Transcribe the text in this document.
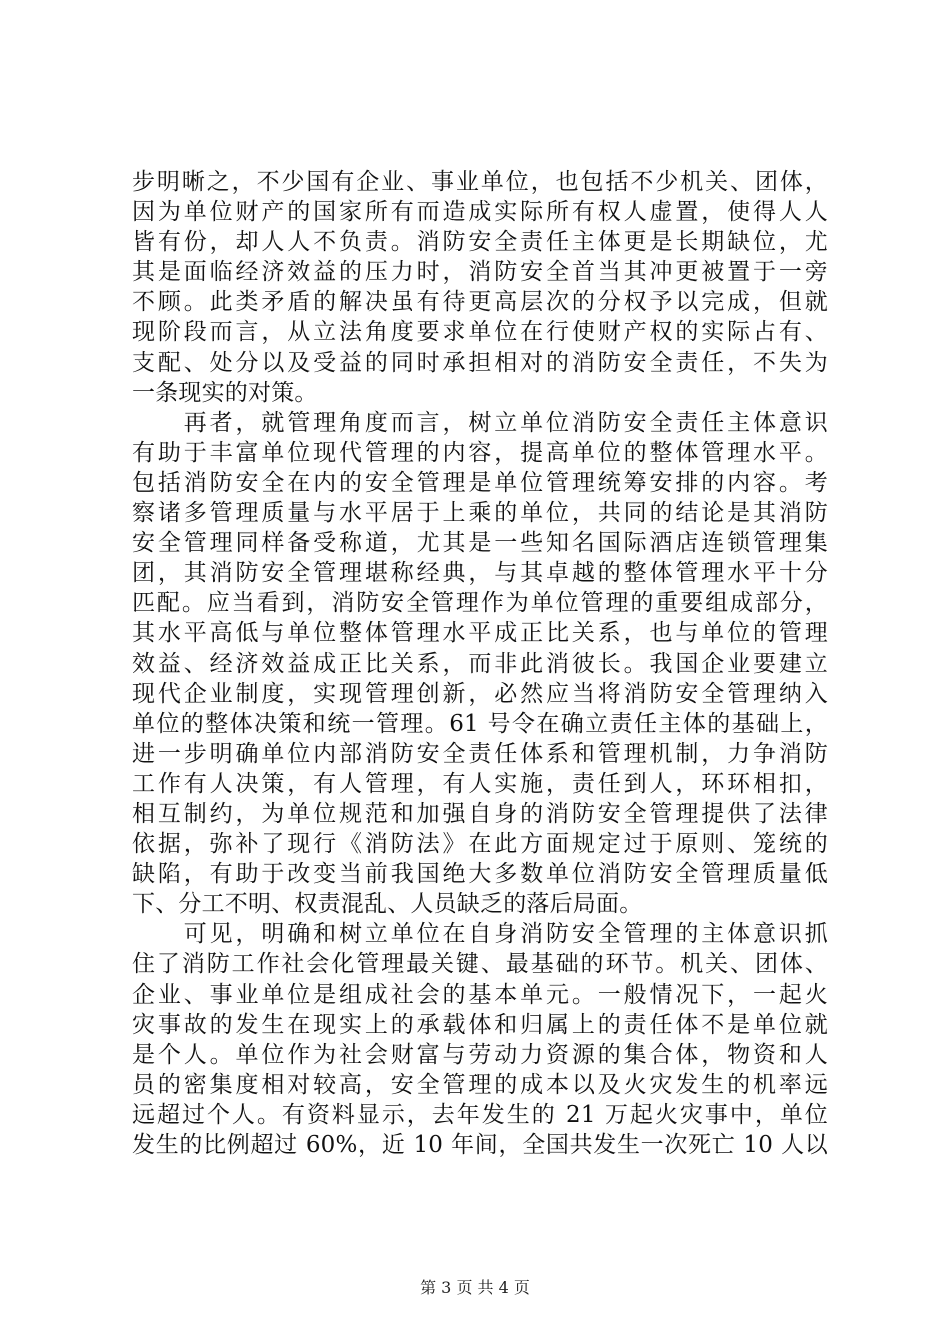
步明晰之，不少国有企业、事业单位，也包括不少机关、团体，
因为单位财产的国家所有而造成实际所有权人虚置，使得人人
皆有份，却人人不负责。消防安全责任主体更是长期缺位，尤
其是面临经济效益的压力时，消防安全首当其冲更被置于一旁
不顾。此类矛盾的解决虽有待更高层次的分权予以完成，但就
现阶段而言，从立法角度要求单位在行使财产权的实际占有、
支配、处分以及受益的同时承担相对的消防安全责任，不失为
一条现实的对策。
　　再者，就管理角度而言，树立单位消防安全责任主体意识
有助于丰富单位现代管理的内容，提高单位的整体管理水平。
包括消防安全在内的安全管理是单位管理统筹安排的内容。考
察诸多管理质量与水平居于上乘的单位，共同的结论是其消防
安全管理同样备受称道，尤其是一些知名国际酒店连锁管理集
团，其消防安全管理堪称经典，与其卓越的整体管理水平十分
匹配。应当看到，消防安全管理作为单位管理的重要组成部分，
其水平高低与单位整体管理水平成正比关系，也与单位的管理
效益、经济效益成正比关系，而非此消彼长。我国企业要建立
现代企业制度，实现管理创新，必然应当将消防安全管理纳入
单位的整体决策和统一管理。61 号令在确立责任主体的基础上，
进一步明确单位内部消防安全责任体系和管理机制，力争消防
工作有人决策，有人管理，有人实施，责任到人，环环相扣，
相互制约，为单位规范和加强自身的消防安全管理提供了法律
依据，弥补了现行《消防法》在此方面规定过于原则、笼统的
缺陷，有助于改变当前我国绝大多数单位消防安全管理质量低
下、分工不明、权责混乱、人员缺乏的落后局面。
　　可见，明确和树立单位在自身消防安全管理的主体意识抓
住了消防工作社会化管理最关键、最基础的环节。机关、团体、
企业、事业单位是组成社会的基本单元。一般情况下，一起火
灾事故的发生在现实上的承载体和归属上的责任体不是单位就
是个人。单位作为社会财富与劳动力资源的集合体，物资和人
员的密集度相对较高，安全管理的成本以及火灾发生的机率远
远超过个人。有资料显示，去年发生的 21 万起火灾事中，单位
发生的比例超过 60%，近 10 年间，全国共发生一次死亡 10 人以
第 3 页 共 4 页
